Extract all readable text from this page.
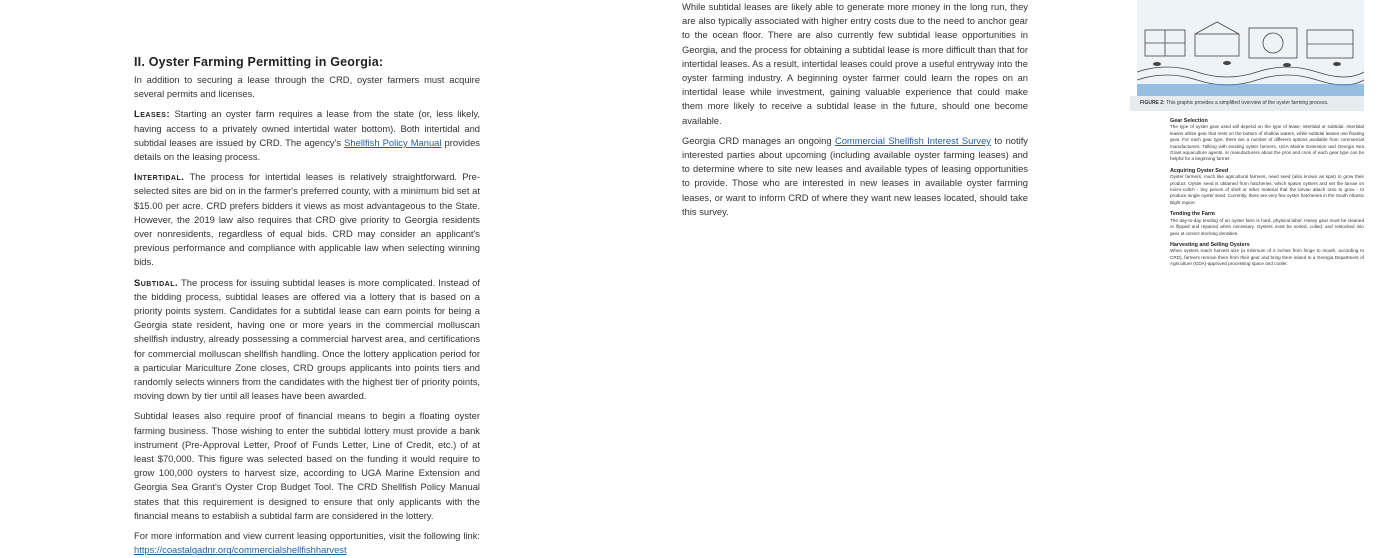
II. Oyster Farming Permitting in Georgia:

In addition to securing a lease through the CRD, oyster farmers must acquire several permits and licenses.

Leases: Starting an oyster farm requires a lease from the state (or, less likely, having access to a privately owned intertidal water bottom). Both intertidal and subtidal leases are issued by CRD. The agency's Shellfish Policy Manual provides details on the leasing process.

Intertidal. The process for intertidal leases is relatively straightforward. Pre-selected sites are bid on in the farmer's preferred county, with a minimum bid set at $15.00 per acre. CRD prefers bidders it views as most advantageous to the State. However, the 2019 law also requires that CRD give priority to Georgia residents over nonresidents, regardless of equal bids. CRD may consider an applicant's previous performance and compliance with applicable law when selecting winning bids.

Subtidal. The process for issuing subtidal leases is more complicated. Instead of the bidding process, subtidal leases are offered via a lottery that is based on a priority points system. Candidates for a subtidal lease can earn points for being a Georgia state resident, having one or more years in the commercial molluscan shellfish industry, already possessing a commercial harvest area, and certifications for commercial molluscan shellfish handling. Once the lottery application period for a particular Mariculture Zone closes, CRD groups applicants into points tiers and randomly selects winners from the candidates with the highest tier of priority points, moving down by tier until all leases have been awarded.

Subtidal leases also require proof of financial means to begin a floating oyster farming business. Those wishing to enter the subtidal lottery must provide a bank instrument (Pre-Approval Letter, Proof of Funds Letter, Line of Credit, etc.) of at least $70,000. This figure was selected based on the funding it would require to grow 100,000 oysters to harvest size, according to UGA Marine Extension and Georgia Sea Grant's Oyster Crop Budget Tool. The CRD Shellfish Policy Manual states that this requirement is designed to ensure that only applicants with the financial means to establish a subtidal farm are considered in the lottery.

For more information and view current leasing opportunities, visit the following link: https://coastalgadnr.org/commercialshellfishharvest

While subtidal leases are likely able to generate more money in the long run, they are also typically associated with higher entry costs due to the need to anchor gear to the ocean floor. There are also currently few subtidal lease opportunities in Georgia, and the process for obtaining a subtidal lease is more difficult than that for intertidal leases. As a result, intertidal leases could prove a useful entryway into the oyster farming industry. A beginning oyster farmer could learn the ropes on an intertidal lease while investment, gaining valuable experience that could make them more likely to receive a subtidal lease in the future, should one become available.

Georgia CRD manages an ongoing Commercial Shellfish Interest Survey to notify interested parties about upcoming (including available oyster farming leases) and to determine where to site new leases and available types of leasing opportunities to provide. Those who are interested in new leases in available oyster farming leases, or want to inform CRD of where they want new leases located, should take this survey.

FIGURE 2: This graphic provides a simplified overview of the oyster farming process.
Gear Selection

The type of oyster gear used will depend on the type of lease; intertidal or subtidal. Intertidal leases utilize gear that rests on the bottom of shallow waters, while subtidal leases use floating gear. For each gear type, there are a number of different options available from commercial manufacturers. Talking with existing oyster farmers, UGA Marine Extension and Georgia Sea Grant aquaculture agents, or manufacturers about the pros and cons of each gear type can be helpful for a beginning farmer.

Acquiring Oyster Seed

Oyster farmers, much like agricultural farmers, need seed (also known as spat) to grow their product. Oyster seed is obtained from hatcheries, which spawn oysters and set the larvae on micro-cultch - tiny pieces of shell or other material that the larvae attach onto to grow - to produce single oyster seed. Currently, there are very few oyster hatcheries in the South Atlantic Bight region.

Tending the Farm

The day-to-day tending of an oyster farm is hard, physical labor. Heavy gear must be cleaned or flipped and repaired when necessary. Oysters must be sorted, culled, and restocked into gear at correct stocking densities.

Harvesting and Selling Oysters

When oysters reach harvest size (a minimum of 2 inches from hinge to mouth, according to CRD), farmers remove them from their gear and bring them inland to a Georgia Department of Agriculture (GDA)-approved processing space and cooler.
